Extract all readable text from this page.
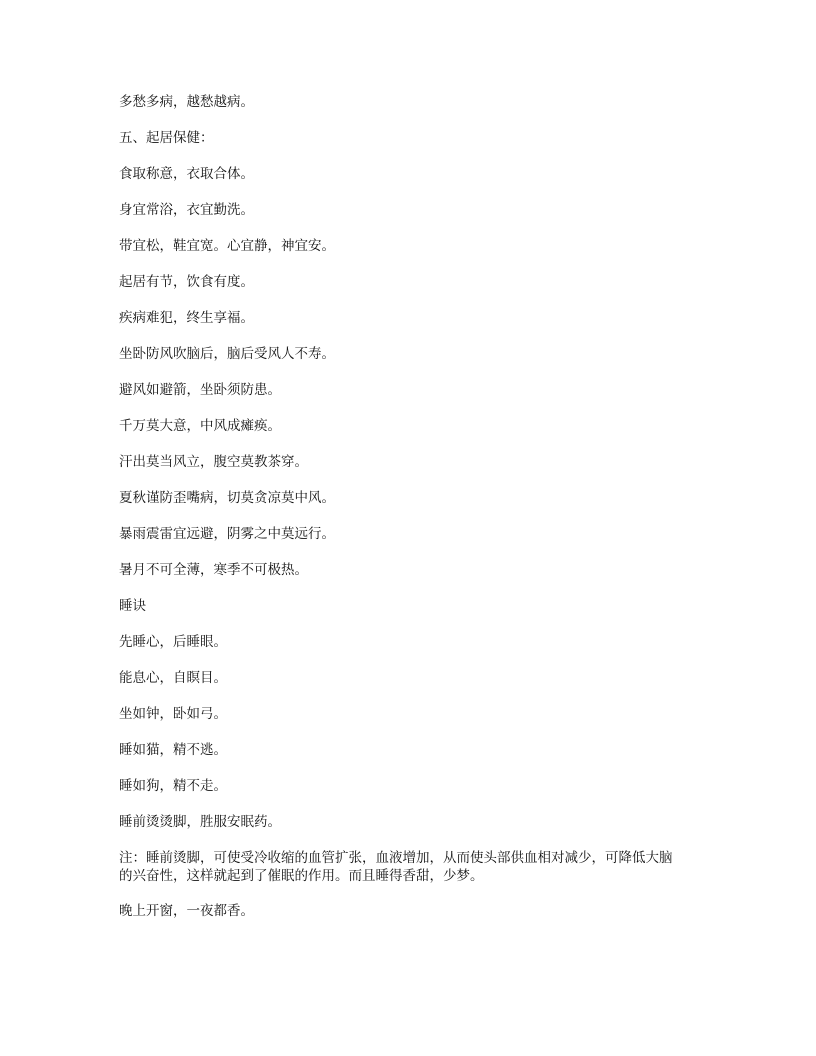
多愁多病，越愁越病。

五、起居保健：

食取称意，衣取合体。

身宜常浴，衣宜勤洗。

带宜松，鞋宜宽。心宜静，神宜安。

起居有节，饮食有度。

疾病难犯，终生享福。

坐卧防风吹脑后，脑后受风人不寿。

避风如避箭，坐卧须防患。

千万莫大意，中风成瘫痪。

汗出莫当风立，腹空莫教茶穿。

夏秋谨防歪嘴病，切莫贪凉莫中风。

暴雨震雷宜远避，阴雾之中莫远行。

暑月不可全薄，寒季不可极热。

睡诀

先睡心，后睡眼。

能息心，自瞑目。

坐如钟，卧如弓。

睡如猫，精不逃。

睡如狗，精不走。

睡前烫烫脚，胜服安眠药。

注：睡前烫脚，可使受冷收缩的血管扩张，血液增加，从而使头部供血相对减少，可降低大脑
的兴奋性，这样就起到了催眠的作用。而且睡得香甜，少梦。

晚上开窗，一夜都香。
